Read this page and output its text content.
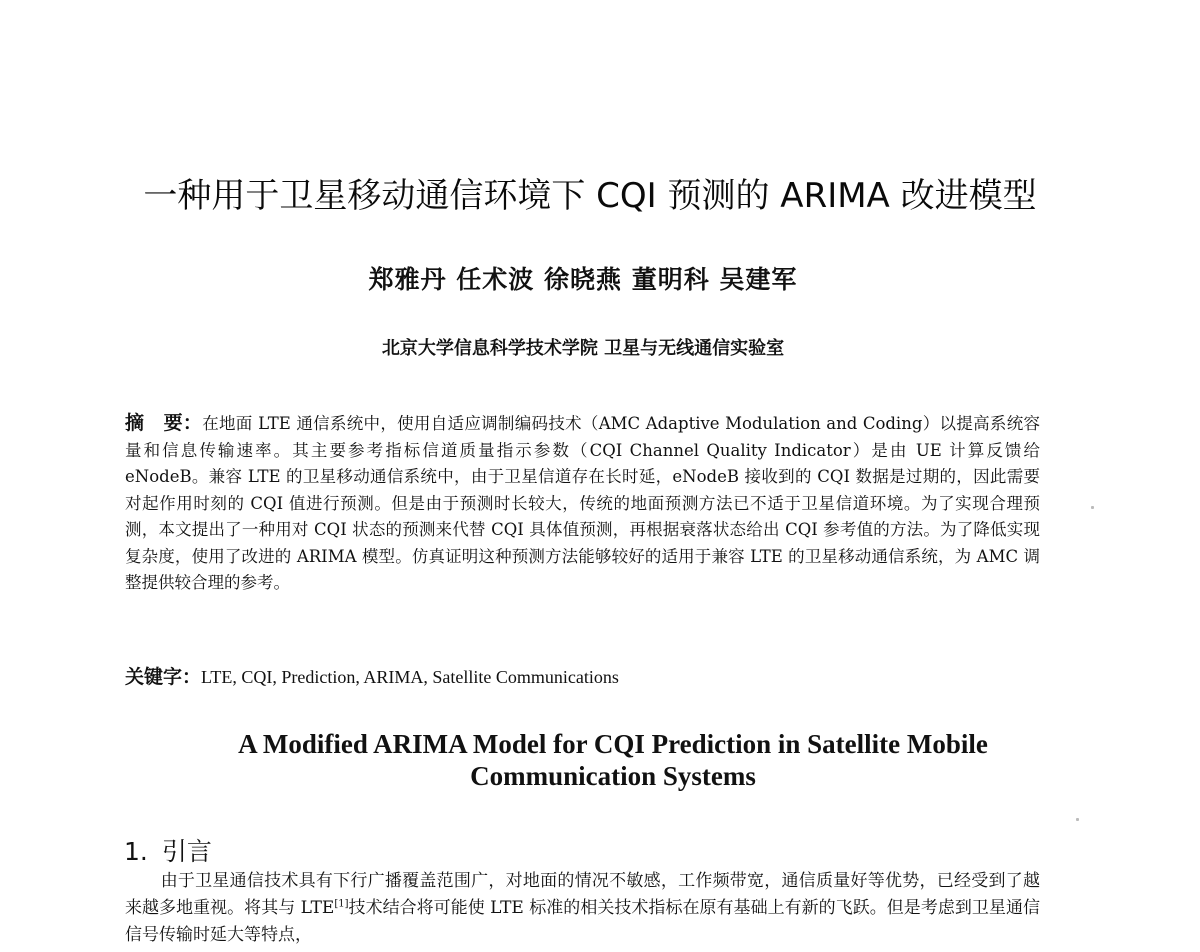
一种用于卫星移动通信环境下 CQI 预测的 ARIMA 改进模型
郑雅丹 任术波 徐晓燕 董明科 吴建军
北京大学信息科学技术学院 卫星与无线通信实验室
摘　要：在地面 LTE 通信系统中，使用自适应调制编码技术（AMC Adaptive Modulation and Coding）以提高系统容量和信息传输速率。其主要参考指标信道质量指示参数（CQI Channel Quality Indicator）是由 UE 计算反馈给 eNodeB。兼容 LTE 的卫星移动通信系统中，由于卫星信道存在长时延，eNodeB 接收到的 CQI 数据是过期的，因此需要对起作用时刻的 CQI 值进行预测。但是由于预测时长较大，传统的地面预测方法已不适于卫星信道环境。为了实现合理预测，本文提出了一种用对 CQI 状态的预测来代替 CQI 具体值预测，再根据衰落状态给出 CQI 参考值的方法。为了降低实现复杂度，使用了改进的 ARIMA 模型。仿真证明这种预测方法能够较好的适用于兼容 LTE 的卫星移动通信系统，为 AMC 调整提供较合理的参考。
关键字：LTE, CQI, Prediction, ARIMA, Satellite Communications
A Modified ARIMA Model for CQI Prediction in Satellite Mobile
Communication Systems
1. 引言
由于卫星通信技术具有下行广播覆盖范围广，对地面的情况不敏感，工作频带宽，通信质量好等优势，已经受到了越来越多地重视。将其与 LTE[1]技术结合将可能使 LTE 标准的相关技术指标在原有基础上有新的飞跃。但是考虑到卫星通信信号传输时延大等特点，
